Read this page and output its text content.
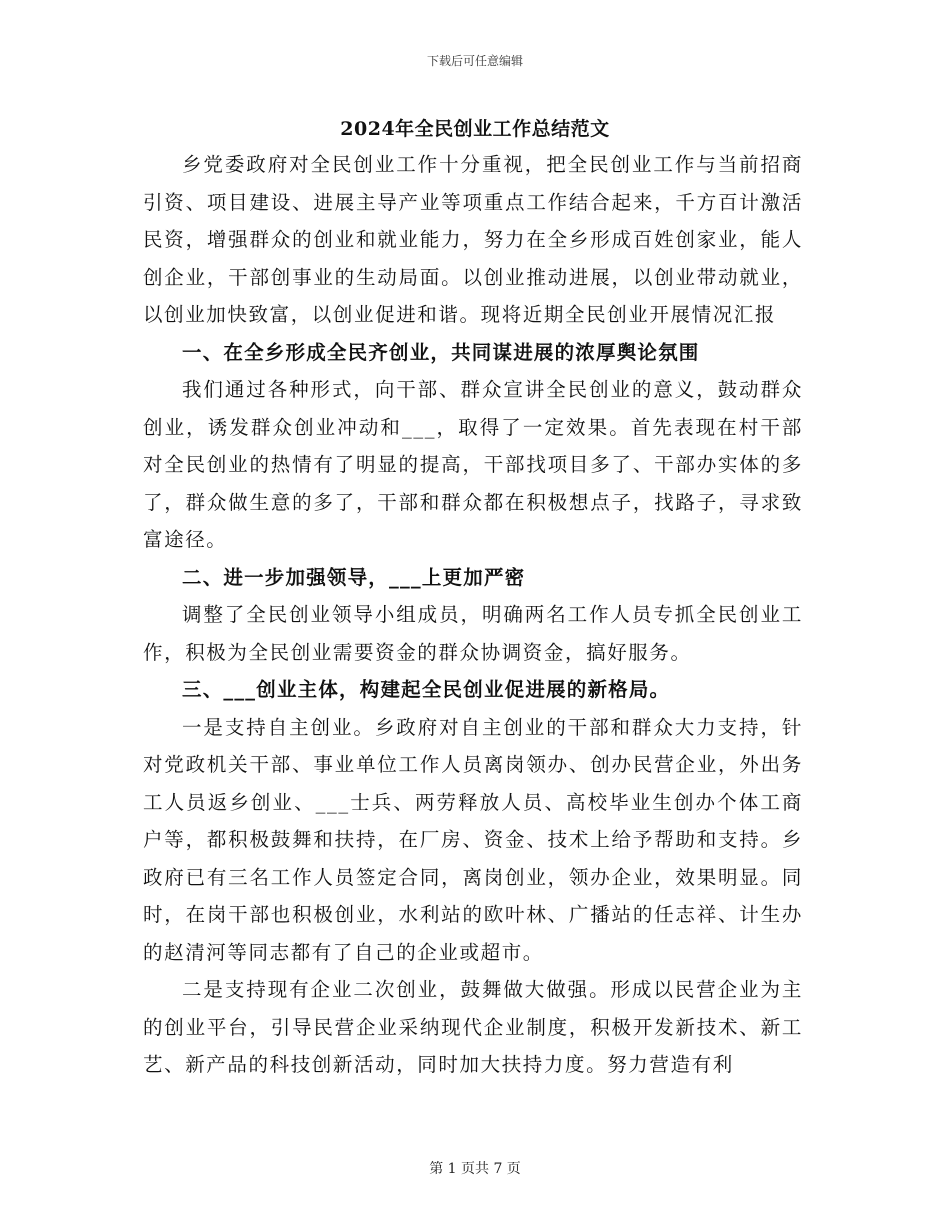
下载后可任意编辑
2024年全民创业工作总结范文

乡党委政府对全民创业工作十分重视，把全民创业工作与当前招商引资、项目建设、进展主导产业等项重点工作结合起来，千方百计激活民资，增强群众的创业和就业能力，努力在全乡形成百姓创家业，能人创企业，干部创事业的生动局面。以创业推动进展，以创业带动就业，以创业加快致富，以创业促进和谐。现将近期全民创业开展情况汇报

一、在全乡形成全民齐创业，共同谋进展的浓厚舆论氛围

我们通过各种形式，向干部、群众宣讲全民创业的意义，鼓动群众创业，诱发群众创业冲动和___，取得了一定效果。首先表现在村干部对全民创业的热情有了明显的提高，干部找项目多了、干部办实体的多了，群众做生意的多了，干部和群众都在积极想点子，找路子，寻求致富途径。

二、进一步加强领导，___上更加严密

调整了全民创业领导小组成员，明确两名工作人员专抓全民创业工作，积极为全民创业需要资金的群众协调资金，搞好服务。

三、___创业主体，构建起全民创业促进展的新格局。

一是支持自主创业。乡政府对自主创业的干部和群众大力支持，针对党政机关干部、事业单位工作人员离岗领办、创办民营企业，外出务工人员返乡创业、___士兵、两劳释放人员、高校毕业生创办个体工商户等，都积极鼓舞和扶持，在厂房、资金、技术上给予帮助和支持。乡政府已有三名工作人员签定合同，离岗创业，领办企业，效果明显。同时，在岗干部也积极创业，水利站的欧叶林、广播站的任志祥、计生办的赵清河等同志都有了自己的企业或超市。

二是支持现有企业二次创业，鼓舞做大做强。形成以民营企业为主的创业平台，引导民营企业采纳现代企业制度，积极开发新技术、新工艺、新产品的科技创新活动，同时加大扶持力度。努力营造有利

第 1 页共 7 页
